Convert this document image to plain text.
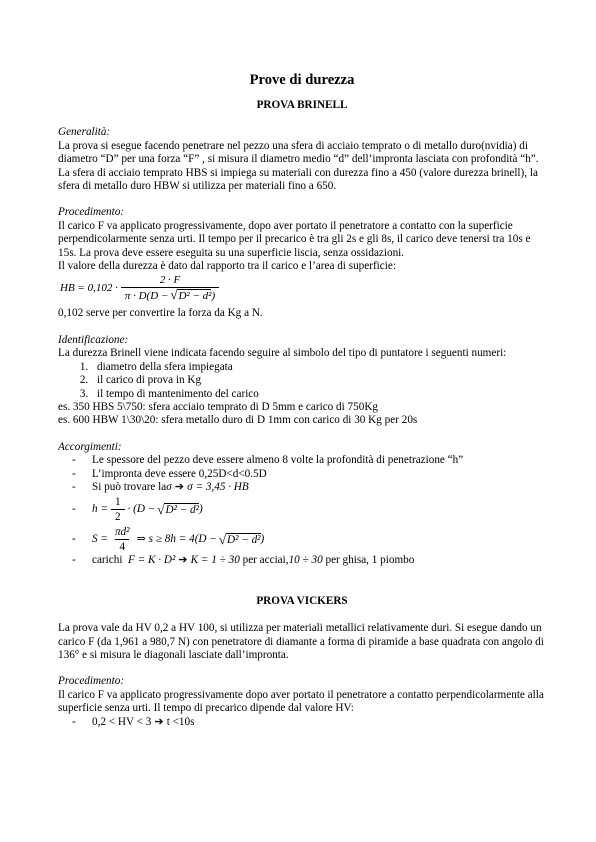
Prove di durezza
PROVA BRINELL
Generalità:

La prova si esegue facendo penetrare nel pezzo una sfera di acciaio temprato o di metallo duro(nvidia) di diametro “D” per una forza “F” , si misura il diametro medio “d” dell’impronta lasciata con profondità “h”.

La sfera di acciaio temprato HBS si impiega su materiali con durezza fino a 450 (valore durezza brinell), la sfera di metallo duro HBW si utilizza per materiali fino a 650.

Procedimento:

Il carico F va applicato progressivamente, dopo aver portato il penetratore a contatto con la superficie perpendicolarmente senza urti. Il tempo per il precarico è tra gli 2s e gli 8s, il carico deve tenersi tra 10s e 15s. La prova deve essere eseguita su una superficie liscia, senza ossidazioni.

Il valore della durezza è dato dal rapporto tra il carico e l’area di superficie:

HB = $0,102 \cdot \frac{2 \cdot F}{\text{π · D(D − √D² − d²)}}$

0,102 serve per convertire la forza da Kg a N.

Identificazione:

La durezza Brinell viene indicata facendo seguire al simbolo del tipo di puntatore i seguenti numeri:

1. diametro della sfera impiegata
2. il carico di prova in Kg
3. il tempo di mantenimento del carico

es. 350 HBS 5\750: sfera acciaio temprato di D 5mm e carico di 750Kg

es. 600 HBW 1\30\20: sfera metallo duro di D 1mm con carico di 30 Kg per 20s

Accorgimenti:
- Le spessore del pezzo deve essere almeno 8 volte la profondità di penetrazione “h”
- L’impronta deve essere 0,25D<d<0.5D
- Si può trovare laσ ➔ σ = 3,45 · HB
- $h = \frac{1}{2} \cdot (D$ − √ D² − d² )
- $S = \frac{\text{πd²}}{4}$ ⇒ s ≥ 8h = 4(D − √ D² − d² )
- carichi F = K · D² ➔ K = 1 ÷ 30 per acciai,10 ÷ 30 per ghisa, 1 piombo
PROVA VICKERS

La prova vale da HV 0,2 a HV 100, si utilizza per materiali metallici relativamente duri. Si esegue dando un carico F (da 1,961 a 980,7 N) con penetratore di diamante a forma di piramide a base quadrata con angolo di 136° e si misura le diagonali lasciate dall’impronta.

Procedimento:

Il carico F va applicato progressivamente dopo aver portato il penetratore a contatto perpendicolarmente alla superficie senza urti. Il tempo di precarico dipende dal valore HV:

- 0,2 < HV < 3 ➔ t <10s
